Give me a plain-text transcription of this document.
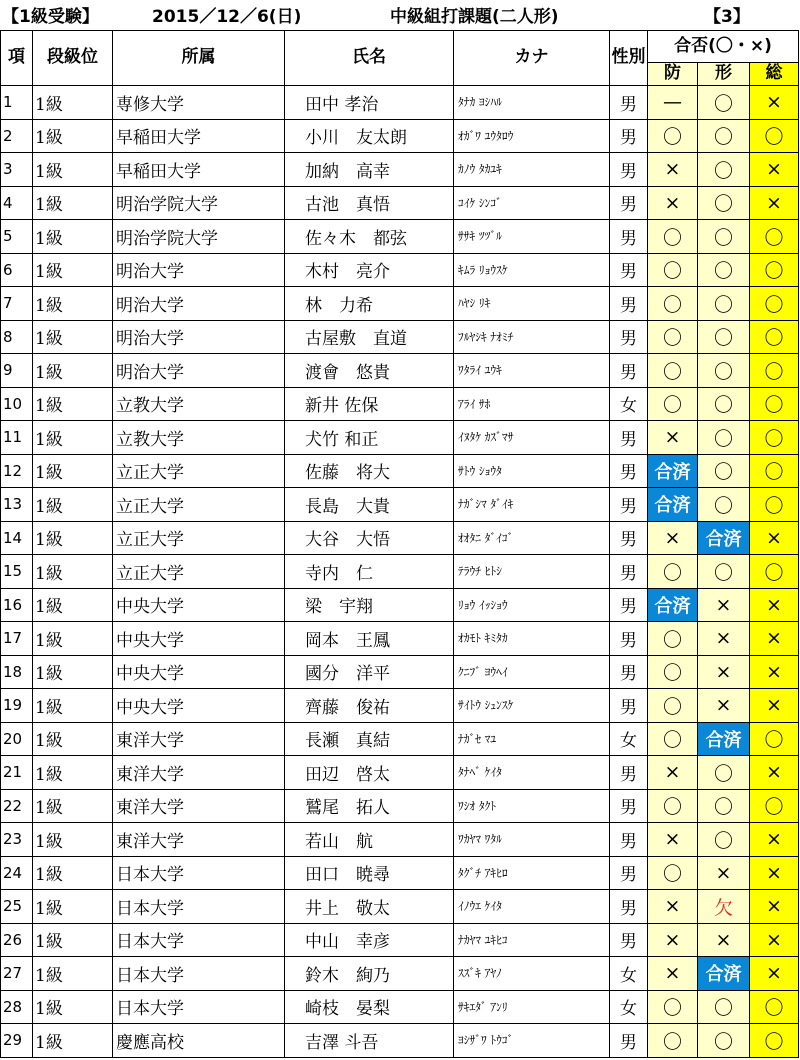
【1級受験】	2015／12／6(日)	中級組打課題(二人形)	【3】
項	段級位	所属	氏名	カナ	性別	合否(〇・×)		
						防	形	総
1	1級	専修大学	田中 孝治	ﾀﾅｶ ﾖｼﾊﾙ	男	—	〇	×
2	1級	早稲田大学	小川　友太朗	ｵｶﾞﾜ ﾕｳﾀﾛｳ	男	〇	〇	〇
3	1級	早稲田大学	加納　高幸	ｶﾉｳ ﾀｶﾕｷ	男	×	〇	×
4	1級	明治学院大学	古池　真悟	ｺｲｹ ｼﾝｺﾞ	男	×	〇	×
5	1級	明治学院大学	佐々木　都弦	ｻｻｷ ﾂﾂﾞﾙ	男	〇	〇	〇
6	1級	明治大学	木村　亮介	ｷﾑﾗ ﾘｮｳｽｹ	男	〇	〇	〇
7	1級	明治大学	林　力希	ﾊﾔｼ ﾘｷ	男	〇	〇	〇
8	1級	明治大学	古屋敷　直道	ﾌﾙﾔｼｷ ﾅｵﾐﾁ	男	〇	〇	〇
9	1級	明治大学	渡會　悠貴	ﾜﾀﾗｲ ﾕｳｷ	男	〇	〇	〇
10	1級	立教大学	新井 佐保	ｱﾗｲ ｻﾎ	女	〇	〇	〇
11	1級	立教大学	犬竹 和正	ｲﾇﾀｹ ｶｽﾞﾏｻ	男	×	〇	〇
12	1級	立正大学	佐藤　将大	ｻﾄｳ ｼｮｳﾀ	男	合済	〇	〇
13	1級	立正大学	長島　大貴	ﾅｶﾞｼﾏ ﾀﾞｲｷ	男	合済	〇	〇
14	1級	立正大学	大谷　大悟	ｵｵﾀﾆ ﾀﾞｲｺﾞ	男	×	合済	×
15	1級	立正大学	寺内　仁	ﾃﾗｳﾁ ﾋﾄｼ	男	〇	〇	〇
16	1級	中央大学	梁　宇翔	ﾘｮｳ ｲｯｼｮｳ	男	合済	×	×
17	1級	中央大学	岡本　王鳳	ｵｶﾓﾄ ｷﾐﾀｶ	男	〇	×	×
18	1級	中央大学	國分　洋平	ｸﾆﾌﾞ ﾖｳﾍｲ	男	〇	×	×
19	1級	中央大学	齊藤　俊祐	ｻｲﾄｳ ｼｭﾝｽｹ	男	〇	×	×
20	1級	東洋大学	長瀬　真結	ﾅｶﾞｾ ﾏﾕ	女	〇	合済	〇
21	1級	東洋大学	田辺　啓太	ﾀﾅﾍﾞ ｹｲﾀ	男	×	〇	×
22	1級	東洋大学	鷲尾　拓人	ﾜｼｵ ﾀｸﾄ	男	〇	〇	〇
23	1級	東洋大学	若山　航	ﾜｶﾔﾏ ﾜﾀﾙ	男	×	〇	×
24	1級	日本大学	田口　暁尋	ﾀｸﾞﾁ ｱｷﾋﾛ	男	〇	×	×
25	1級	日本大学	井上　敬太	ｲﾉｳｴ ｹｲﾀ	男	×	欠	×
26	1級	日本大学	中山　幸彦	ﾅｶﾔﾏ ﾕｷﾋｺ	男	×	×	×
27	1級	日本大学	鈴木　絢乃	ｽｽﾞｷ ｱﾔﾉ	女	×	合済	×
28	1級	日本大学	崎枝　晏梨	ｻｷｴﾀﾞ ｱﾝﾘ	女	〇	〇	〇
29	1級	慶應高校	吉澤 斗吾	ﾖｼｻﾞﾜ ﾄｳｺﾞ	男	〇	〇	〇
